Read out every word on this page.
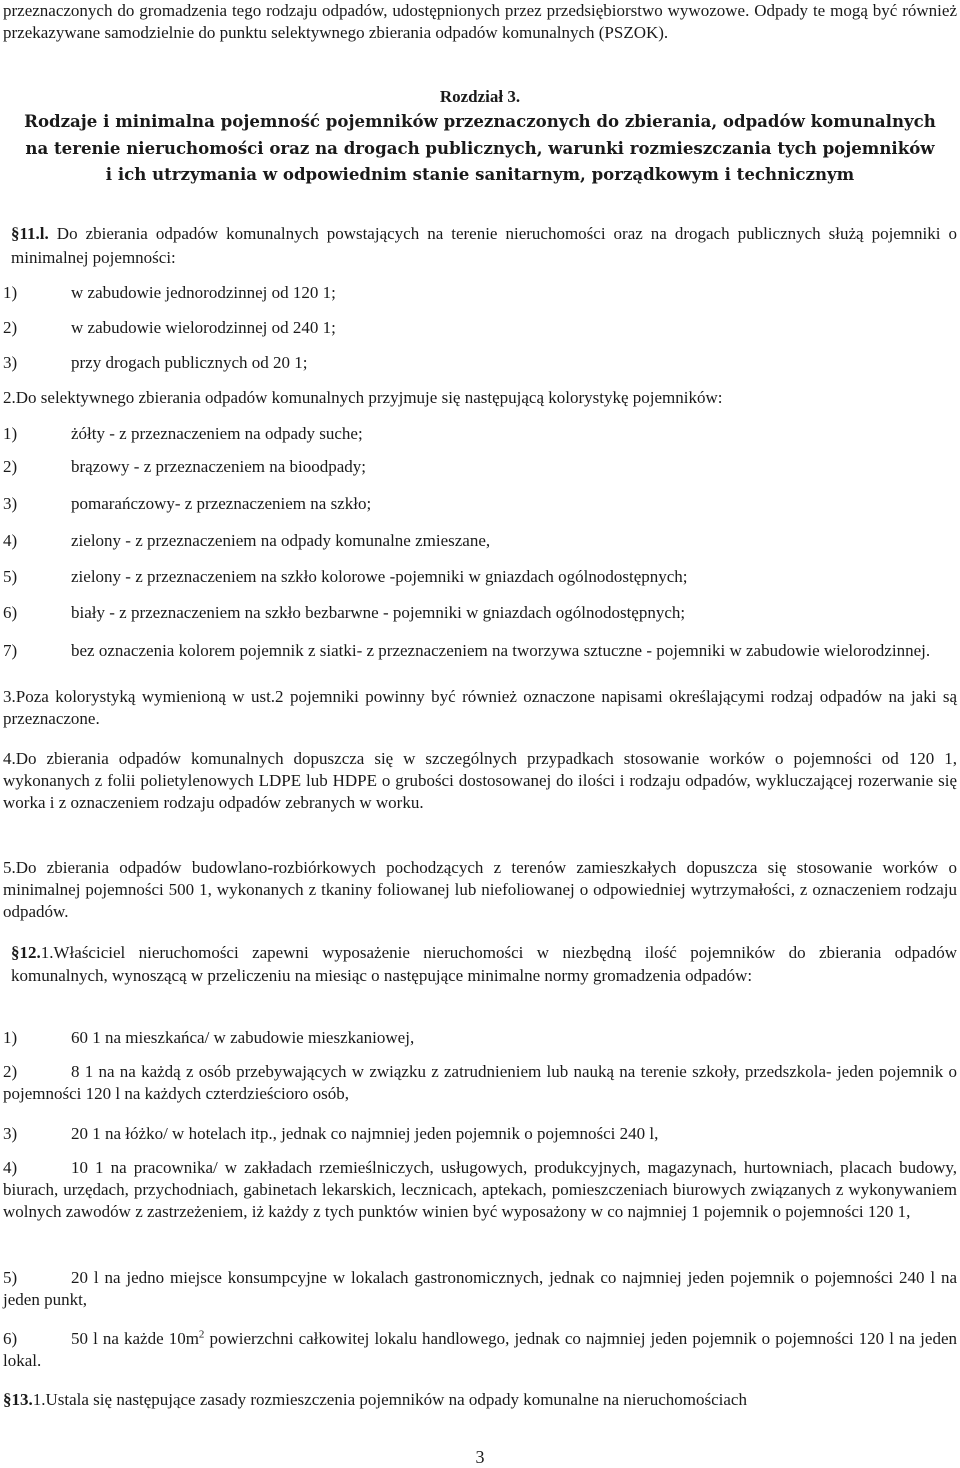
przeznaczonych do gromadzenia tego rodzaju odpadów, udostępnionych przez przedsiębiorstwo wywozowe. Odpady te mogą być również przekazywane samodzielnie do punktu selektywnego zbierania odpadów komunalnych (PSZOK).
Rozdział 3.
Rodzaje i minimalna pojemność pojemników przeznaczonych do zbierania, odpadów komunalnych
na terenie nieruchomości oraz na drogach publicznych, warunki rozmieszczania tych pojemników
i ich utrzymania w odpowiednim stanie sanitarnym, porządkowym i technicznym
§11.l. Do zbierania odpadów komunalnych powstających na terenie nieruchomości oraz na drogach publicznych służą pojemniki o minimalnej pojemności:
1)	w zabudowie jednorodzinnej od 120 1;
2)	w zabudowie wielorodzinnej od 240 1;
3)	przy drogach publicznych od 20 1;
2.Do selektywnego zbierania odpadów komunalnych przyjmuje się następującą kolorystykę pojemników:
1)	żółty - z przeznaczeniem na odpady suche;
2)	brązowy - z przeznaczeniem na bioodpady;
3)	pomarańczowy- z przeznaczeniem na szkło;
4)	zielony - z przeznaczeniem na odpady komunalne zmieszane,
5)	zielony - z przeznaczeniem na szkło kolorowe -pojemniki w gniazdach ogólnodostępnych;
6)	biały - z przeznaczeniem na szkło bezbarwne - pojemniki w gniazdach ogólnodostępnych;
7)	bez oznaczenia kolorem pojemnik z siatki- z przeznaczeniem na tworzywa sztuczne - pojemniki w zabudowie wielorodzinnej.
3.Poza kolorystyką wymienioną w ust.2 pojemniki powinny być również oznaczone napisami określającymi rodzaj odpadów na jaki są przeznaczone.
4.Do zbierania odpadów komunalnych dopuszcza się w szczególnych przypadkach stosowanie worków o pojemności od 120 1, wykonanych z folii polietylenowych LDPE lub HDPE o grubości dostosowanej do ilości i rodzaju odpadów, wykluczającej rozerwanie się worka i z oznaczeniem rodzaju odpadów zebranych w worku.
5.Do zbierania odpadów budowlano-rozbiórkowych pochodzących z terenów zamieszkałych dopuszcza się stosowanie worków o minimalnej pojemności 500 1, wykonanych z tkaniny foliowanej lub niefoliowanej o odpowiedniej wytrzymałości, z oznaczeniem rodzaju odpadów.
§12.1.Właściciel nieruchomości zapewni wyposażenie nieruchomości w niezbędną ilość pojemników do zbierania odpadów komunalnych, wynoszącą w przeliczeniu na miesiąc o następujące minimalne normy gromadzenia odpadów:
1)	60 1 na mieszkańca/ w zabudowie mieszkaniowej,
2)	8 1 na na każdą z osób przebywających w związku z zatrudnieniem lub nauką na terenie szkoły, przedszkola- jeden pojemnik o pojemności 120 l na każdych czterdzieścioro osób,
3)	20 1 na łóżko/ w hotelach itp., jednak co najmniej jeden pojemnik o pojemności 240 l,
4)	10 1 na pracownika/ w zakładach rzemieślniczych, usługowych, produkcyjnych, magazynach, hurtowniach, placach budowy, biurach, urzędach, przychodniach, gabinetach lekarskich, lecznicach, aptekach, pomieszczeniach biurowych związanych z wykonywaniem wolnych zawodów z zastrzeżeniem, iż każdy z tych punktów winien być wyposażony w co najmniej 1 pojemnik o pojemności 120 1,
5)	20 l na jedno miejsce konsumpcyjne w lokalach gastronomicznych, jednak co najmniej jeden pojemnik o pojemności 240 l na jeden punkt,
6)	50 l na każde $10m^2$ powierzchni całkowitej lokalu handlowego, jednak co najmniej jeden pojemnik o pojemności 120 l na jeden lokal.
§13.1.Ustala się następujące zasady rozmieszczenia pojemników na odpady komunalne na nieruchomościach
3
